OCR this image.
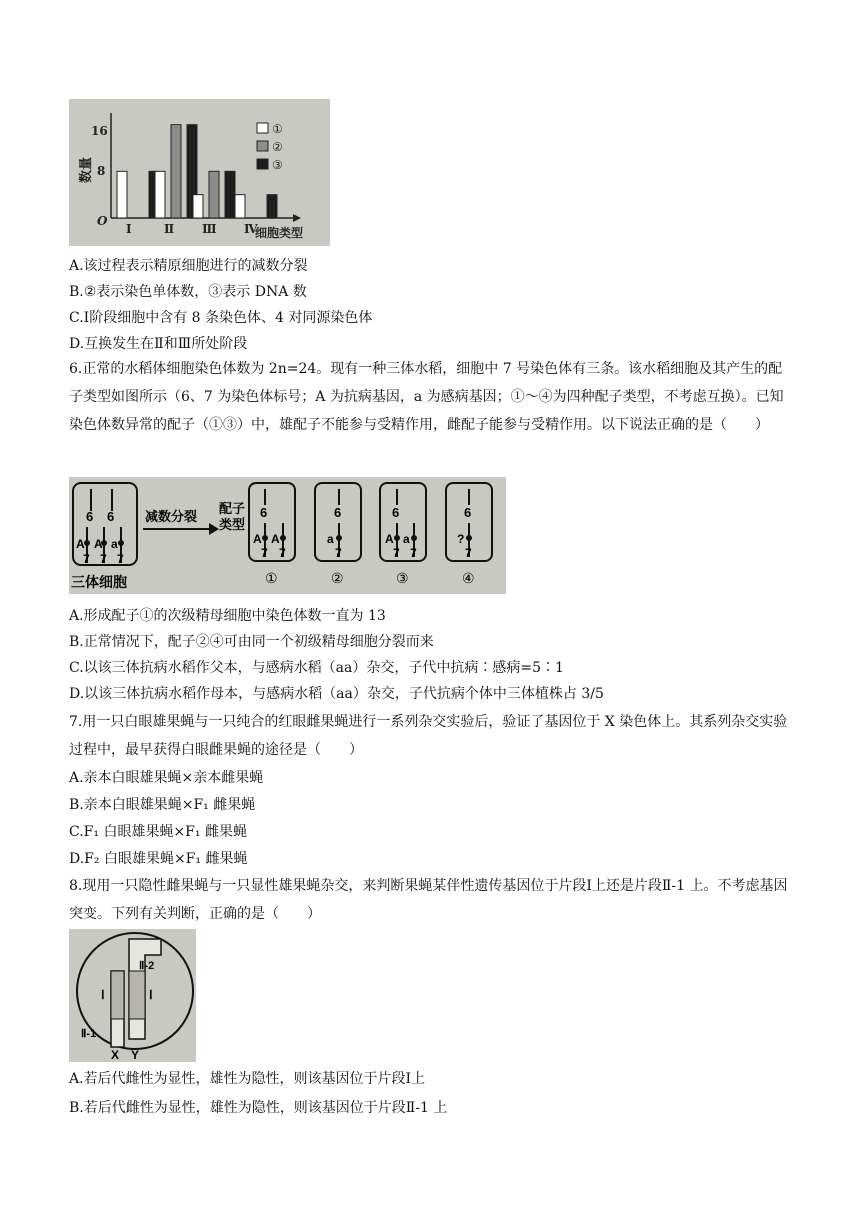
数量
16
8
O
Ⅰ	Ⅱ Ⅲ Ⅳ
细胞类型
①
②
③
A.该过程表示精原细胞进行的减数分裂
B.②表示染色单体数，③表示 DNA 数
C.Ⅰ阶段细胞中含有 8 条染色体、4 对同源染色体
D.互换发生在Ⅱ和Ⅲ所处阶段
6.正常的水稻体细胞染色体数为 2n=24。现有一种三体水稻，细胞中 7 号染色体有三条。该水稻细胞及其产生的配子类型如图所示（6、7 为染色体标号；A 为抗病基因，a 为感病基因；①～④为四种配子类型，不考虑互换）。已知染色体数异常的配子（①③）中，雄配子不能参与受精作用，雌配子能参与受精作用。以下说法正确的是（　　）
6 6
A A a
7 7 7
三体细胞
减数分裂
配子
类型
6
A A
7 7
①
6
a
7
②
6
A a
7 7
③
6
?
7
④
A.形成配子①的次级精母细胞中染色体数一直为 13
B.正常情况下，配子②④可由同一个初级精母细胞分裂而来
C.以该三体抗病水稻作父本，与感病水稻（aa）杂交，子代中抗病∶感病=5∶1
D.以该三体抗病水稻作母本，与感病水稻（aa）杂交，子代抗病个体中三体植株占 3/5
7.用一只白眼雄果蝇与一只纯合的红眼雌果蝇进行一系列杂交实验后，验证了基因位于 X 染色体上。其系列杂交实验过程中，最早获得白眼雌果蝇的途径是（　　）
A.亲本白眼雄果蝇×亲本雌果蝇
B.亲本白眼雄果蝇×F₁ 雌果蝇
C.F₁ 白眼雄果蝇×F₁ 雌果蝇
D.F₂ 白眼雄果蝇×F₁ 雌果蝇
8.现用一只隐性雌果蝇与一只显性雄果蝇杂交，来判断果蝇某伴性遗传基因位于片段Ⅰ上还是片段Ⅱ-1 上。不考虑基因突变。下列有关判断，正确的是（　　）
Ⅰ	Ⅰ
Ⅱ-2
Ⅱ-1
X Y
A.若后代雌性为显性，雄性为隐性，则该基因位于片段Ⅰ上
B.若后代雌性为显性，雄性为隐性，则该基因位于片段Ⅱ-1 上
